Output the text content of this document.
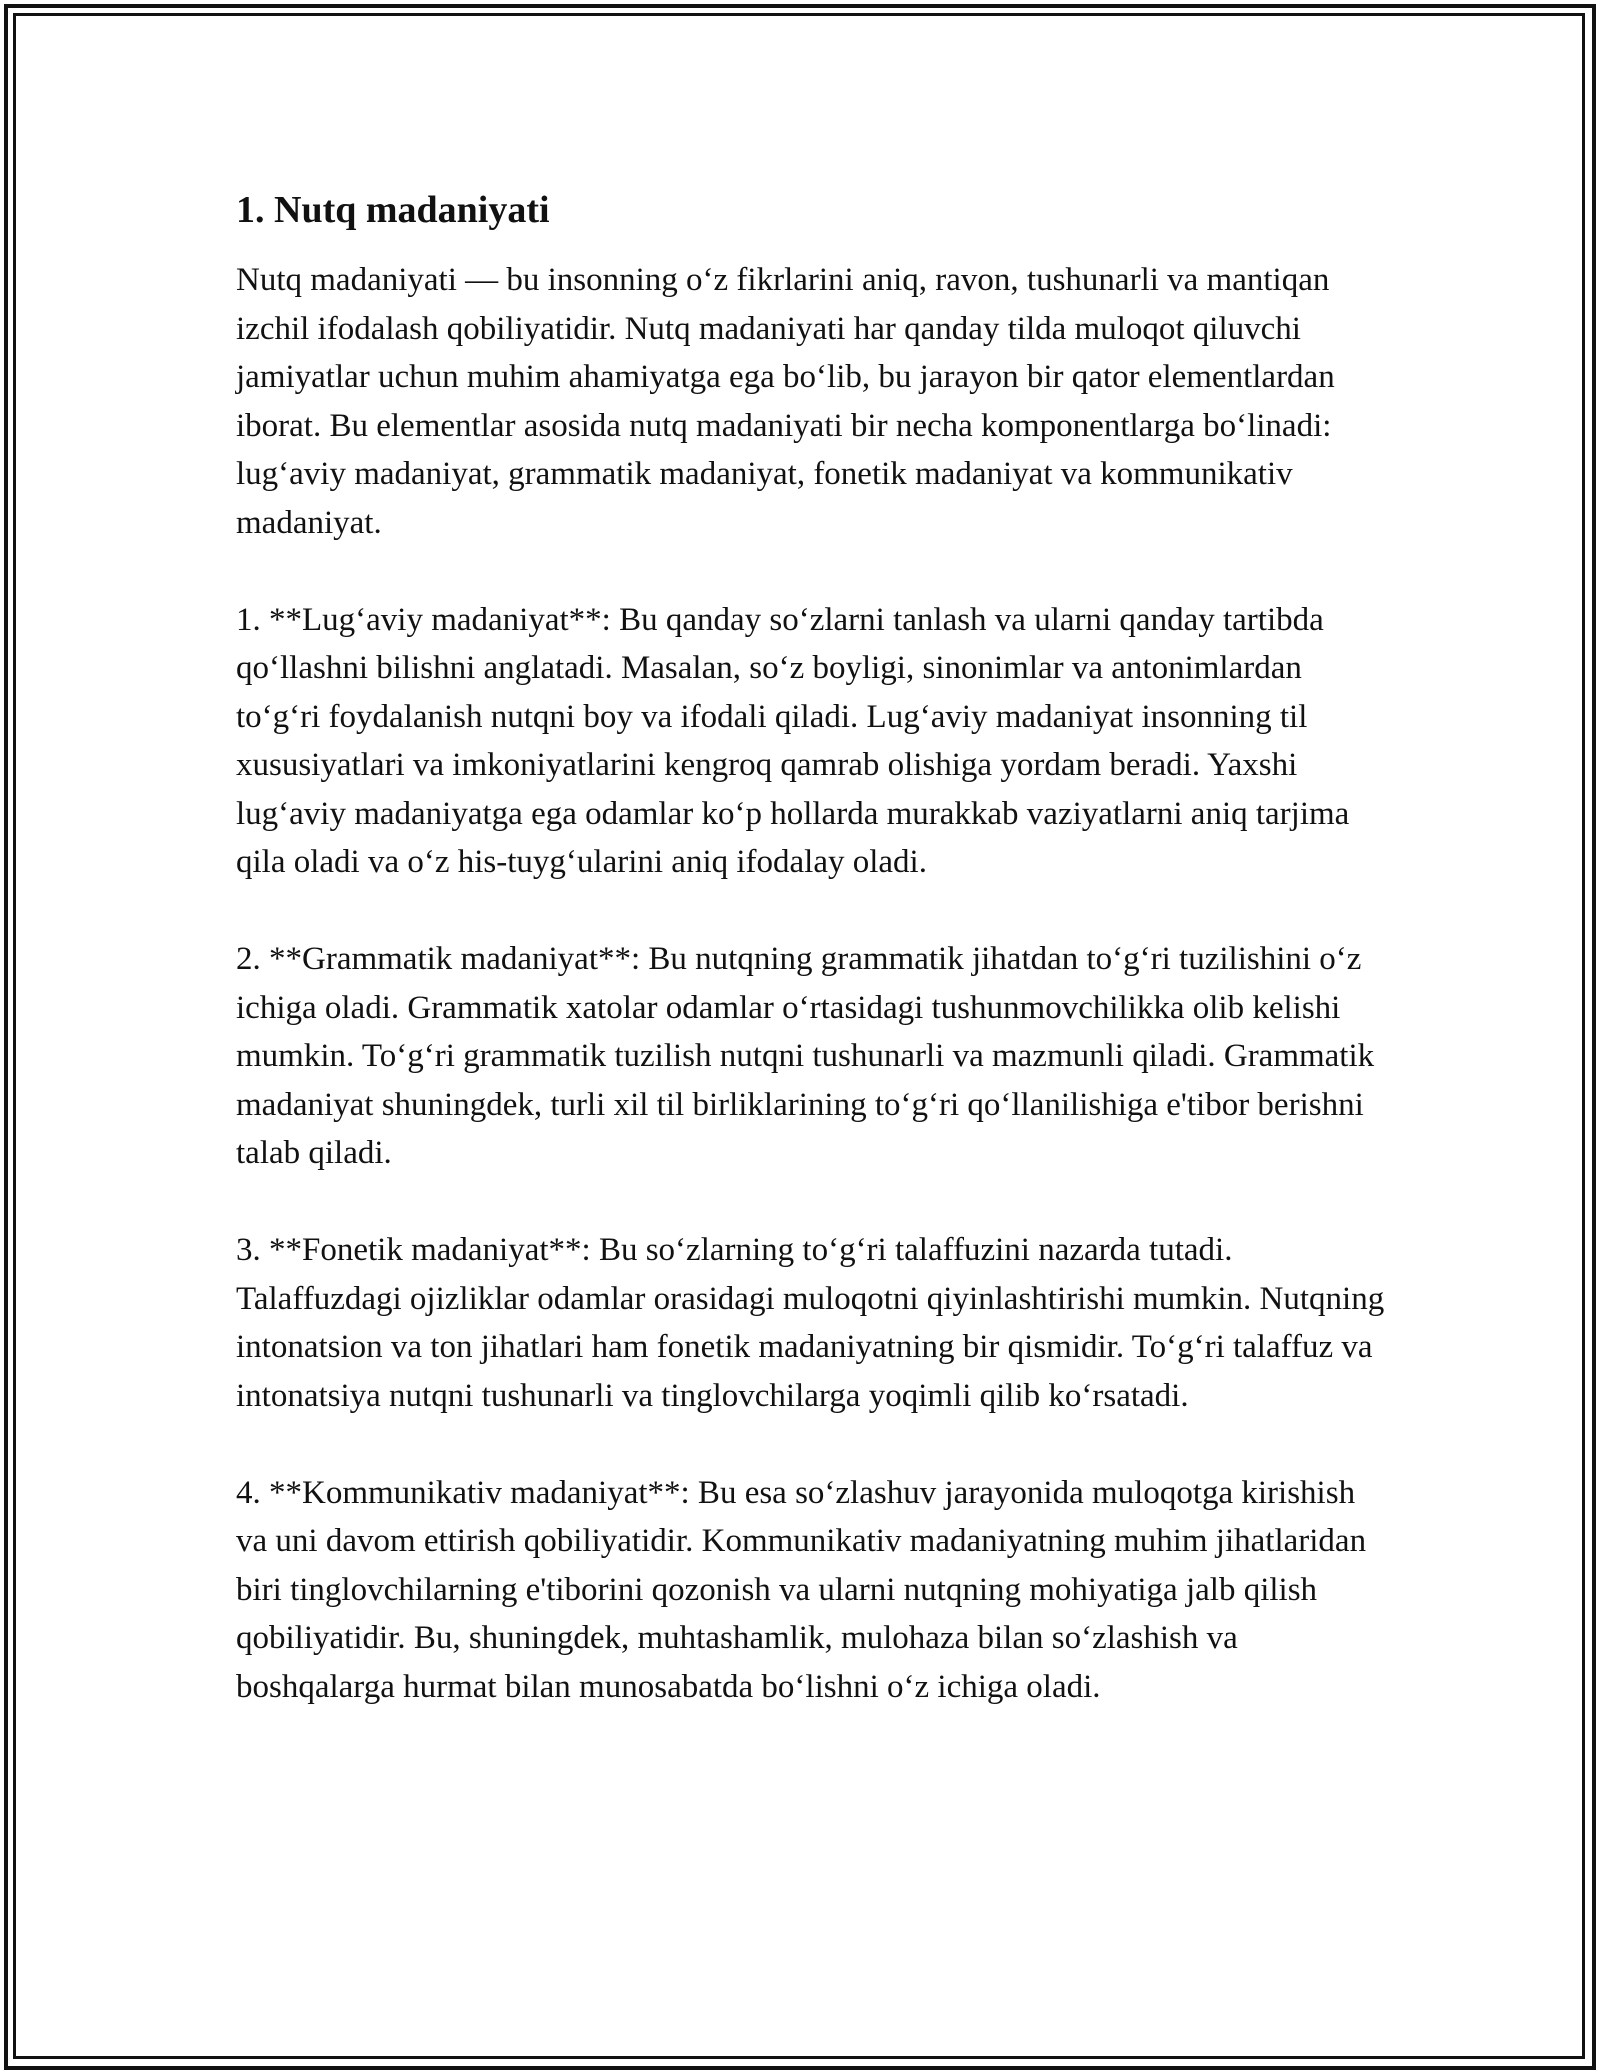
1. Nutq madaniyati

Nutq madaniyati — bu insonning o‘z fikrlarini aniq, ravon, tushunarli va mantiqan izchil ifodalash qobiliyatidir. Nutq madaniyati har qanday tilda muloqot qiluvchi jamiyatlar uchun muhim ahamiyatga ega bo‘lib, bu jarayon bir qator elementlardan iborat. Bu elementlar asosida nutq madaniyati bir necha komponentlarga bo‘linadi: lug‘aviy madaniyat, grammatik madaniyat, fonetik madaniyat va kommunikativ madaniyat.

1. **Lug‘aviy madaniyat**: Bu qanday so‘zlarni tanlash va ularni qanday tartibda qo‘llashni bilishni anglatadi. Masalan, so‘z boyligi, sinonimlar va antonimlardan to‘g‘ri foydalanish nutqni boy va ifodali qiladi. Lug‘aviy madaniyat insonning til xususiyatlari va imkoniyatlarini kengroq qamrab olishiga yordam beradi. Yaxshi lug‘aviy madaniyatga ega odamlar ko‘p hollarda murakkab vaziyatlarni aniq tarjima qila oladi va o‘z his-tuyg‘ularini aniq ifodalay oladi.

2. **Grammatik madaniyat**: Bu nutqning grammatik jihatdan to‘g‘ri tuzilishini o‘z ichiga oladi. Grammatik xatolar odamlar o‘rtasidagi tushunmovchilikka olib kelishi mumkin. To‘g‘ri grammatik tuzilish nutqni tushunarli va mazmunli qiladi. Grammatik madaniyat shuningdek, turli xil til birliklarining to‘g‘ri qo‘llanilishiga e'tibor berishni talab qiladi.

3. **Fonetik madaniyat**: Bu so‘zlarning to‘g‘ri talaffuzini nazarda tutadi. Talaffuzdagi ojizliklar odamlar orasidagi muloqotni qiyinlashtirishi mumkin. Nutqning intonatsion va ton jihatlari ham fonetik madaniyatning bir qismidir. To‘g‘ri talaffuz va intonatsiya nutqni tushunarli va tinglovchilarga yoqimli qilib ko‘rsatadi.

4. **Kommunikativ madaniyat**: Bu esa so‘zlashuv jarayonida muloqotga kirishish va uni davom ettirish qobiliyatidir. Kommunikativ madaniyatning muhim jihatlaridan biri tinglovchilarning e'tiborini qozonish va ularni nutqning mohiyatiga jalb qilish qobiliyatidir. Bu, shuningdek, muhtashamlik, mulohaza bilan so‘zlashish va boshqalarga hurmat bilan munosabatda bo‘lishni o‘z ichiga oladi.
